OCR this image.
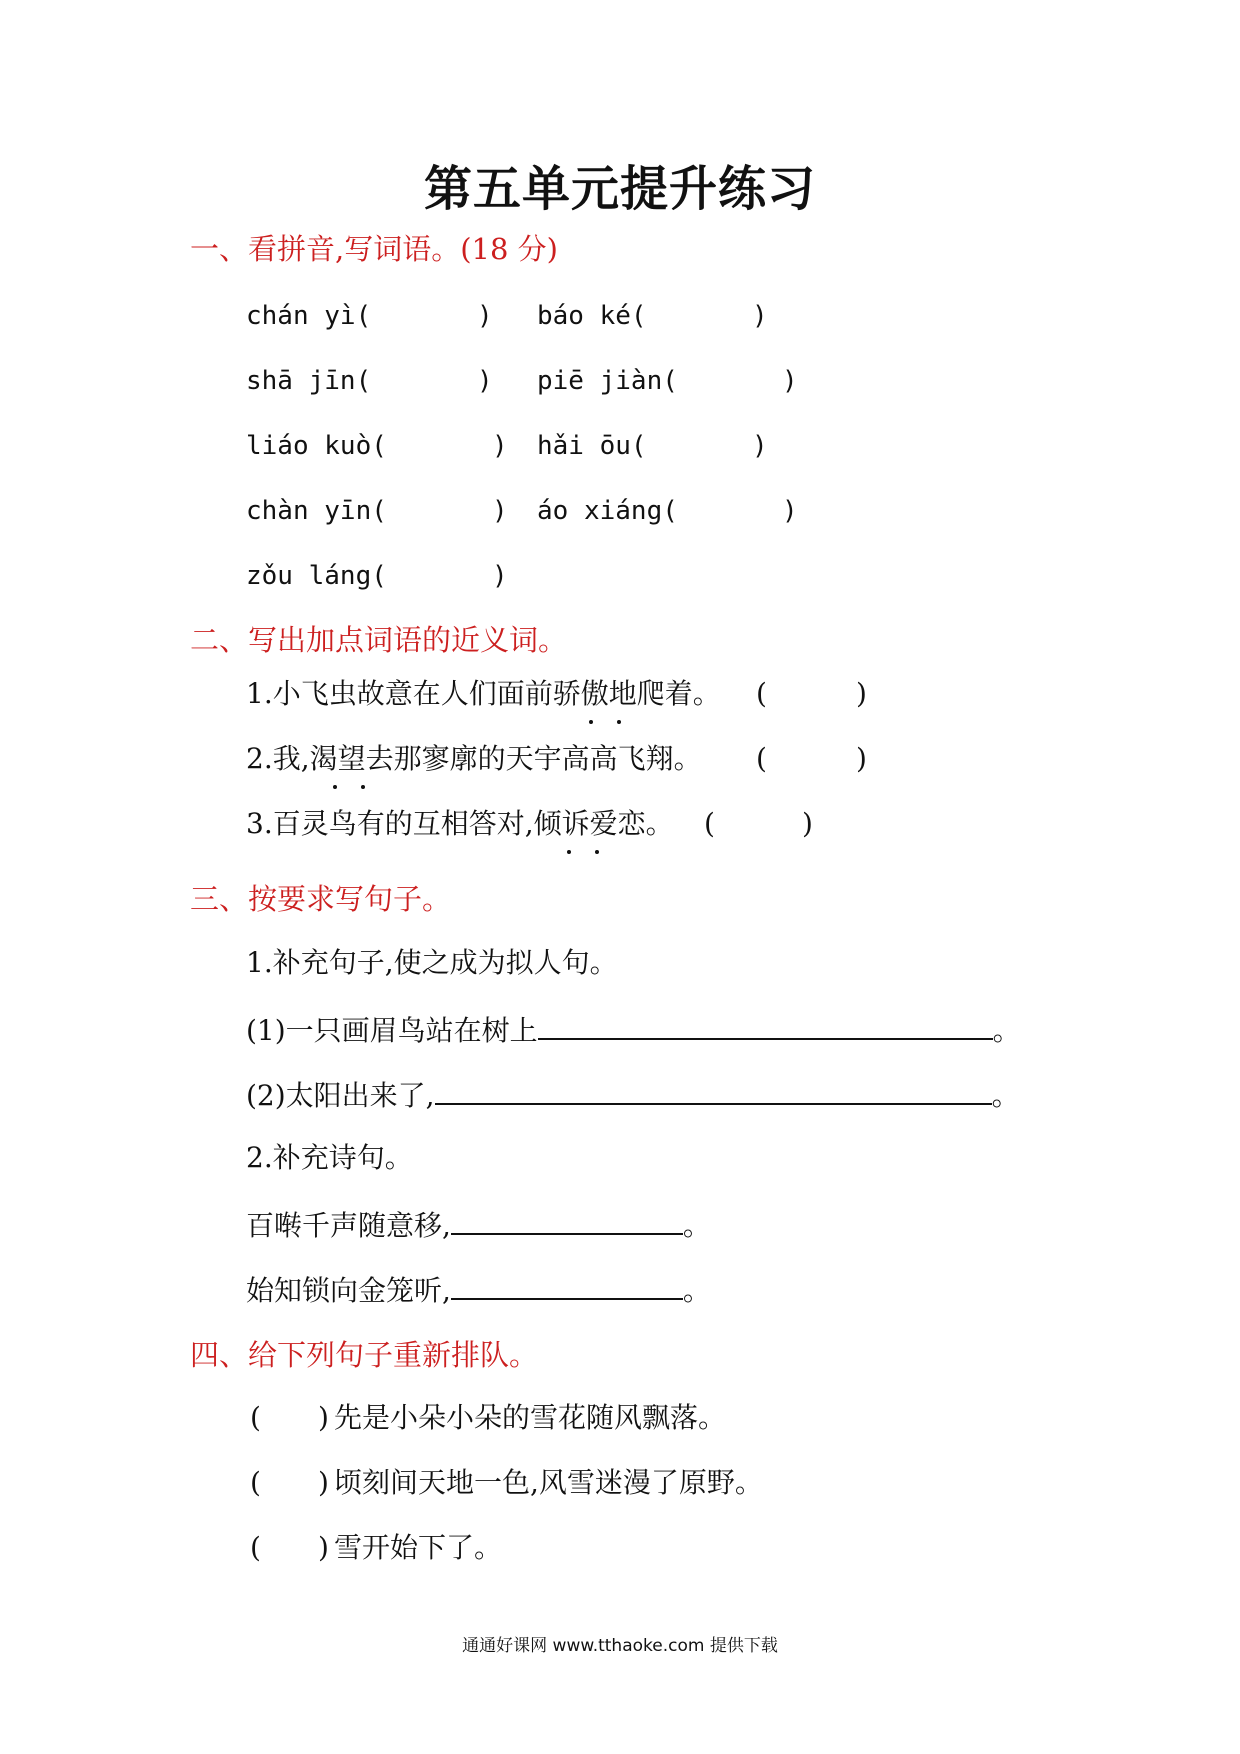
第五单元提升练习
一、看拼音,写词语。(18 分)
chán yì(	) báo ké(	)
shā jīn(	) piē jiàn(	)
liáo kuò(	) hǎi ōu(	)
chàn yīn(	) áo xiáng(	)
zǒu láng(	)
二、写出加点词语的近义词。
1.小飞虫故意在人们面前骄傲地爬着。 (	)
2.我,渴望去那寥廓的天宇高高飞翔。 (	)
3.百灵鸟有的互相答对,倾诉爱恋。 (	)
三、按要求写句子。
1.补充句子,使之成为拟人句。
(1)一只画眉鸟站在树上	。
(2)太阳出来了,	。
2.补充诗句。
百啭千声随意移,	。
始知锁向金笼听,	。
四、给下列句子重新排队。
( ) 先是小朵小朵的雪花随风飘落。
( ) 顷刻间天地一色,风雪迷漫了原野。
( ) 雪开始下了。
通通好课网 www.tthaoke.com 提供下载
